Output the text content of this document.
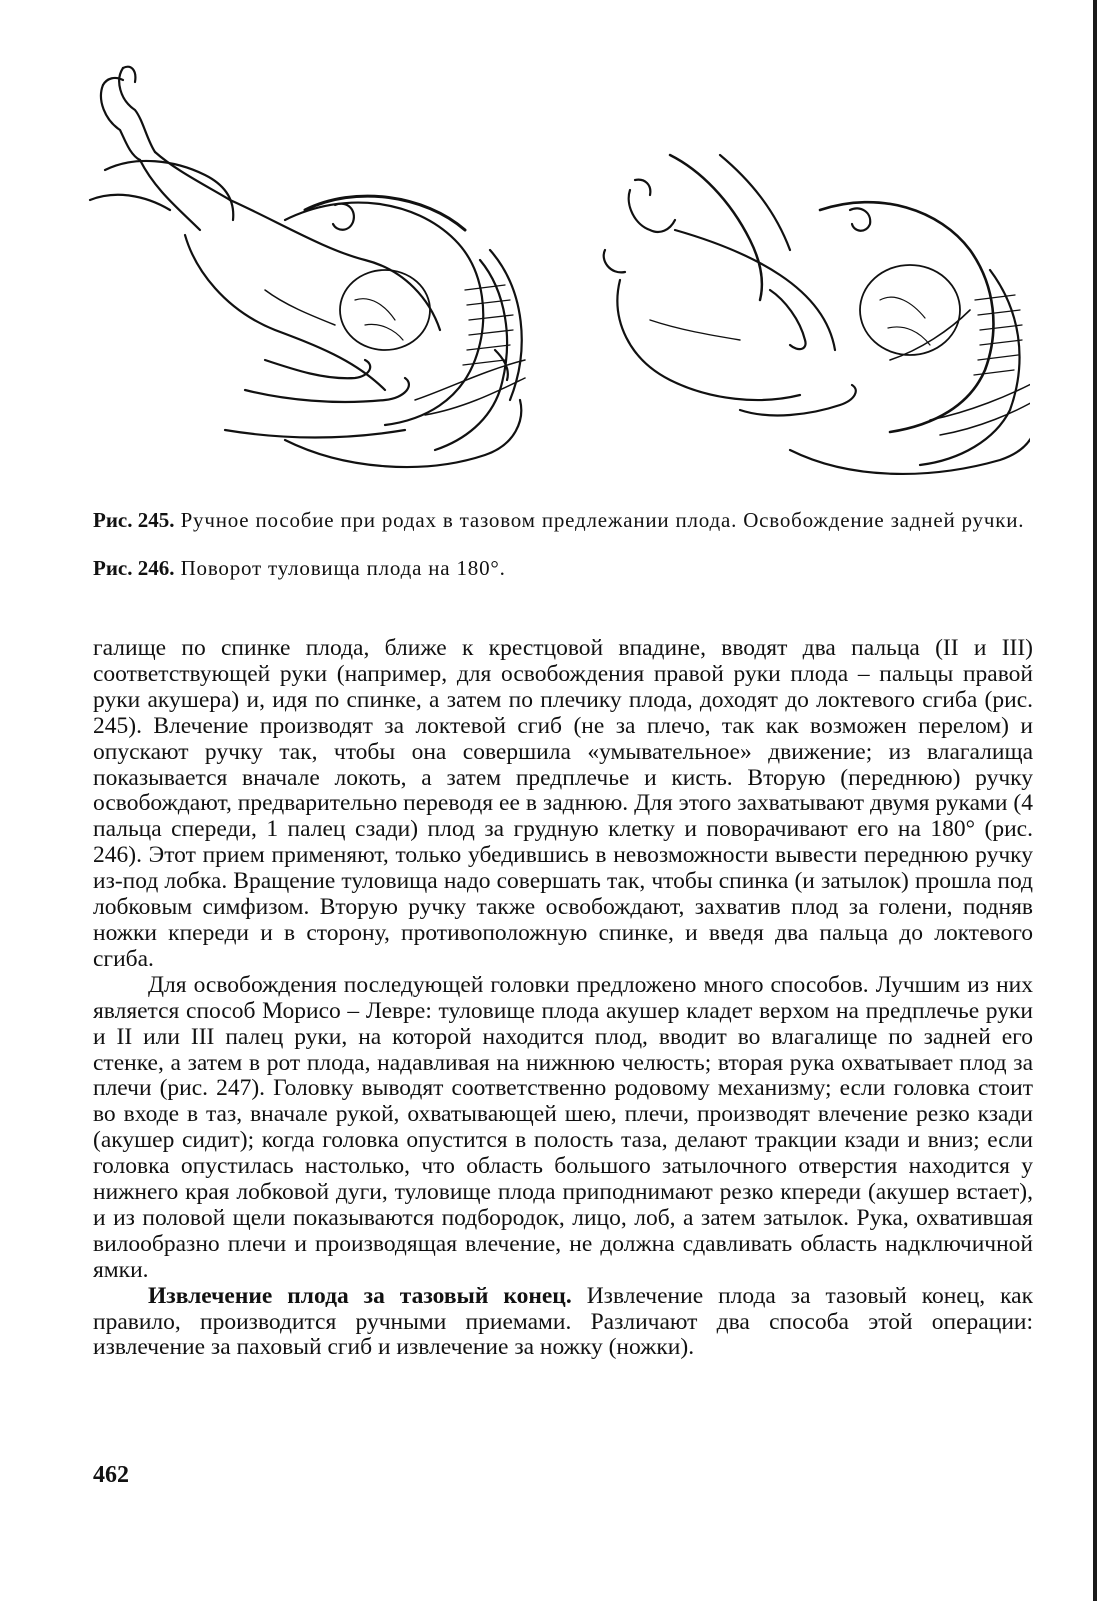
Рис. 245. Ручное пособие при родах в тазовом предлежании плода. Освобождение задней ручки.

Рис. 246. Поворот туловища плода на 180°.

галище по спинке плода, ближе к крестцовой впадине, вводят два пальца (II и III) соответствующей руки (например, для освобождения правой руки плода – пальцы правой руки акушера) и, идя по спинке, а затем по плечику плода, доходят до локтевого сгиба (рис. 245). Влечение производят за локтевой сгиб (не за плечо, так как возможен перелом) и опускают ручку так, чтобы она совершила «умывательное» движение; из влагалища показывается вначале локоть, а затем предплечье и кисть. Вторую (переднюю) ручку освобождают, предварительно переводя ее в заднюю. Для этого захватывают двумя руками (4 пальца спереди, 1 палец сзади) плод за грудную клетку и поворачивают его на 180° (рис. 246). Этот прием применяют, только убедившись в невозможности вывести переднюю ручку из-под лобка. Вращение туловища надо совершать так, чтобы спинка (и затылок) прошла под лобковым симфизом. Вторую ручку также освобождают, захватив плод за голени, подняв ножки кпереди и в сторону, противоположную спинке, и введя два пальца до локтевого сгиба.

Для освобождения последующей головки предложено много способов. Лучшим из них является способ Морисо – Левре: туловище плода акушер кладет верхом на предплечье руки и II или III палец руки, на которой находится плод, вводит во влагалище по задней его стенке, а затем в рот плода, надавливая на нижнюю челюсть; вторая рука охватывает плод за плечи (рис. 247). Головку выводят соответственно родовому механизму; если головка стоит во входе в таз, вначале рукой, охватывающей шею, плечи, производят влечение резко кзади (акушер сидит); когда головка опустится в полость таза, делают тракции кзади и вниз; если головка опустилась настолько, что область большого затылочного отверстия находится у нижнего края лобковой дуги, туловище плода приподнимают резко кпереди (акушер встает), и из половой щели показываются подбородок, лицо, лоб, а затем затылок. Рука, охватившая вилообразно плечи и производящая влечение, не должна сдавливать область надключичной ямки.

Извлечение плода за тазовый конец. Извлечение плода за тазовый конец, как правило, производится ручными приемами. Различают два способа этой операции: извлечение за паховый сгиб и извлечение за ножку (ножки).

462
